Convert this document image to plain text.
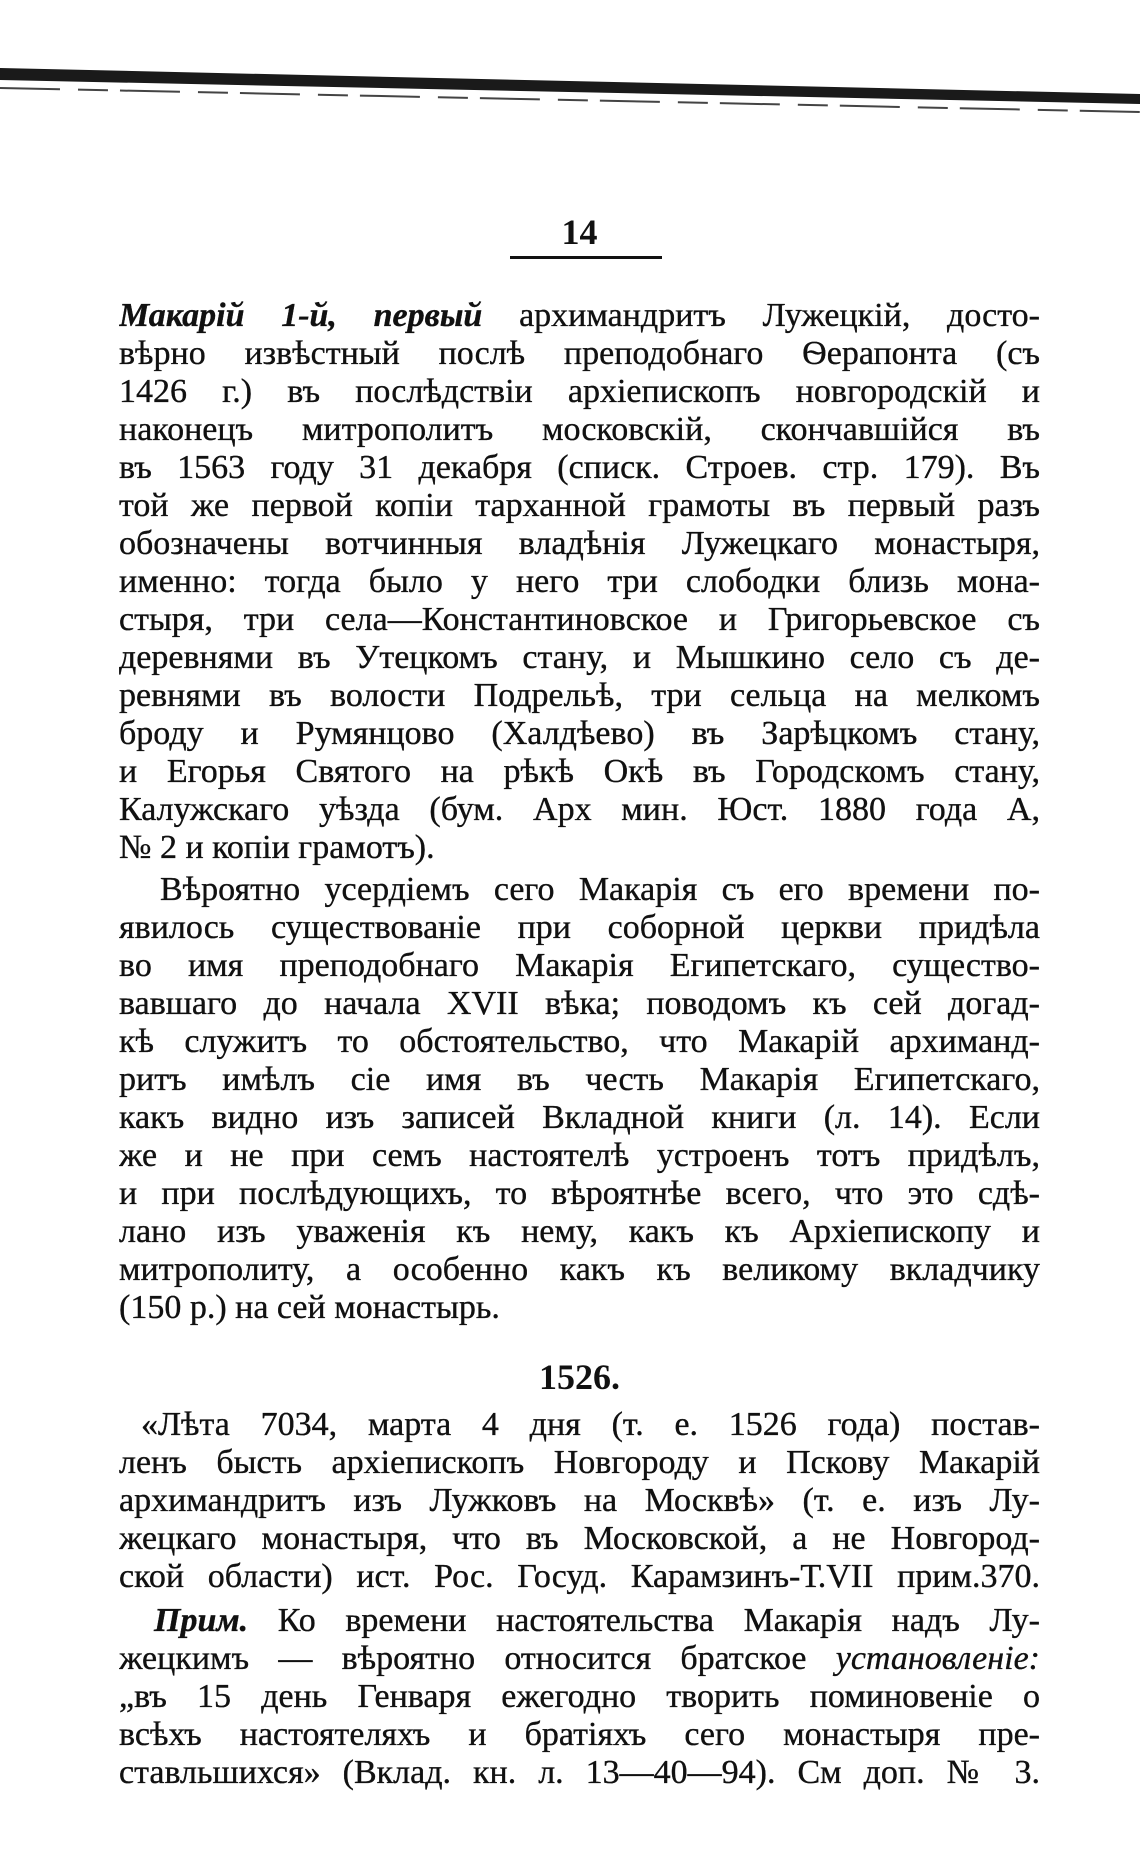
14
Макарій 1-й, первый архимандритъ Лужецкій, досто-
вѣрно извѣстный послѣ преподобнаго Ѳерапонта (съ
1426 г.) въ послѣдствіи архіепископъ новгородскій и
наконецъ митрополитъ московскій, скончавшійся въ
въ 1563 году 31 декабря (списк. Строев. стр. 179). Въ
той же первой копіи тарханной грамоты въ первый разъ
обозначены вотчинныя владѣнія Лужецкаго монастыря,
именно: тогда было у него три слободки близь мона-
стыря, три села—Константиновское и Григорьевское съ
деревнями въ Утецкомъ стану, и Мышкино село съ де-
ревнями въ волости Подрельѣ, три сельца на мелкомъ
броду и Румянцово (Халдѣево) въ Зарѣцкомъ стану,
и Егорья Святого на рѣкѣ Окѣ въ Городскомъ стану,
Калужскаго уѣзда (бум. Арх мин. Юст. 1880 года А,
№ 2 и копіи грамотъ).
Вѣроятно усердіемъ сего Макарія съ его времени по-
явилось существованіе при соборной церкви придѣла
во имя преподобнаго Макарія Египетскаго, существо-
вавшаго до начала XVII вѣка; поводомъ къ сей догад-
кѣ служитъ то обстоятельство, что Макарій архиманд-
ритъ имѣлъ сіе имя въ честь Макарія Египетскаго,
какъ видно изъ записей Вкладной книги (л. 14). Если
же и не при семъ настоятелѣ устроенъ тотъ придѣлъ,
и при послѣдующихъ, то вѣроятнѣе всего, что это сдѣ-
лано изъ уваженія къ нему, какъ къ Архіепископу и
митрополиту, а особенно какъ къ великому вкладчику
(150 р.) на сей монастырь.
1526.
«Лѣта 7034, марта 4 дня (т. е. 1526 года) постав-
ленъ бысть архіепископъ Новгороду и Пскову Макарій
архимандритъ изъ Лужковъ на Москвѣ» (т. е. изъ Лу-
жецкаго монастыря, что въ Московской, а не Новгород-
ской области) ист. Рос. Госуд. Карамзинъ-Т.VII прим.370.
Прим. Ко времени настоятельства Макарія надъ Лу-
жецкимъ — вѣроятно относится братское установленіе:
„въ 15 день Генваря ежегодно творить поминовеніе о
всѣхъ настоятеляхъ и братіяхъ сего монастыря пре-
ставльшихся» (Вклад. кн. л. 13—40—94). См доп. № 3.
